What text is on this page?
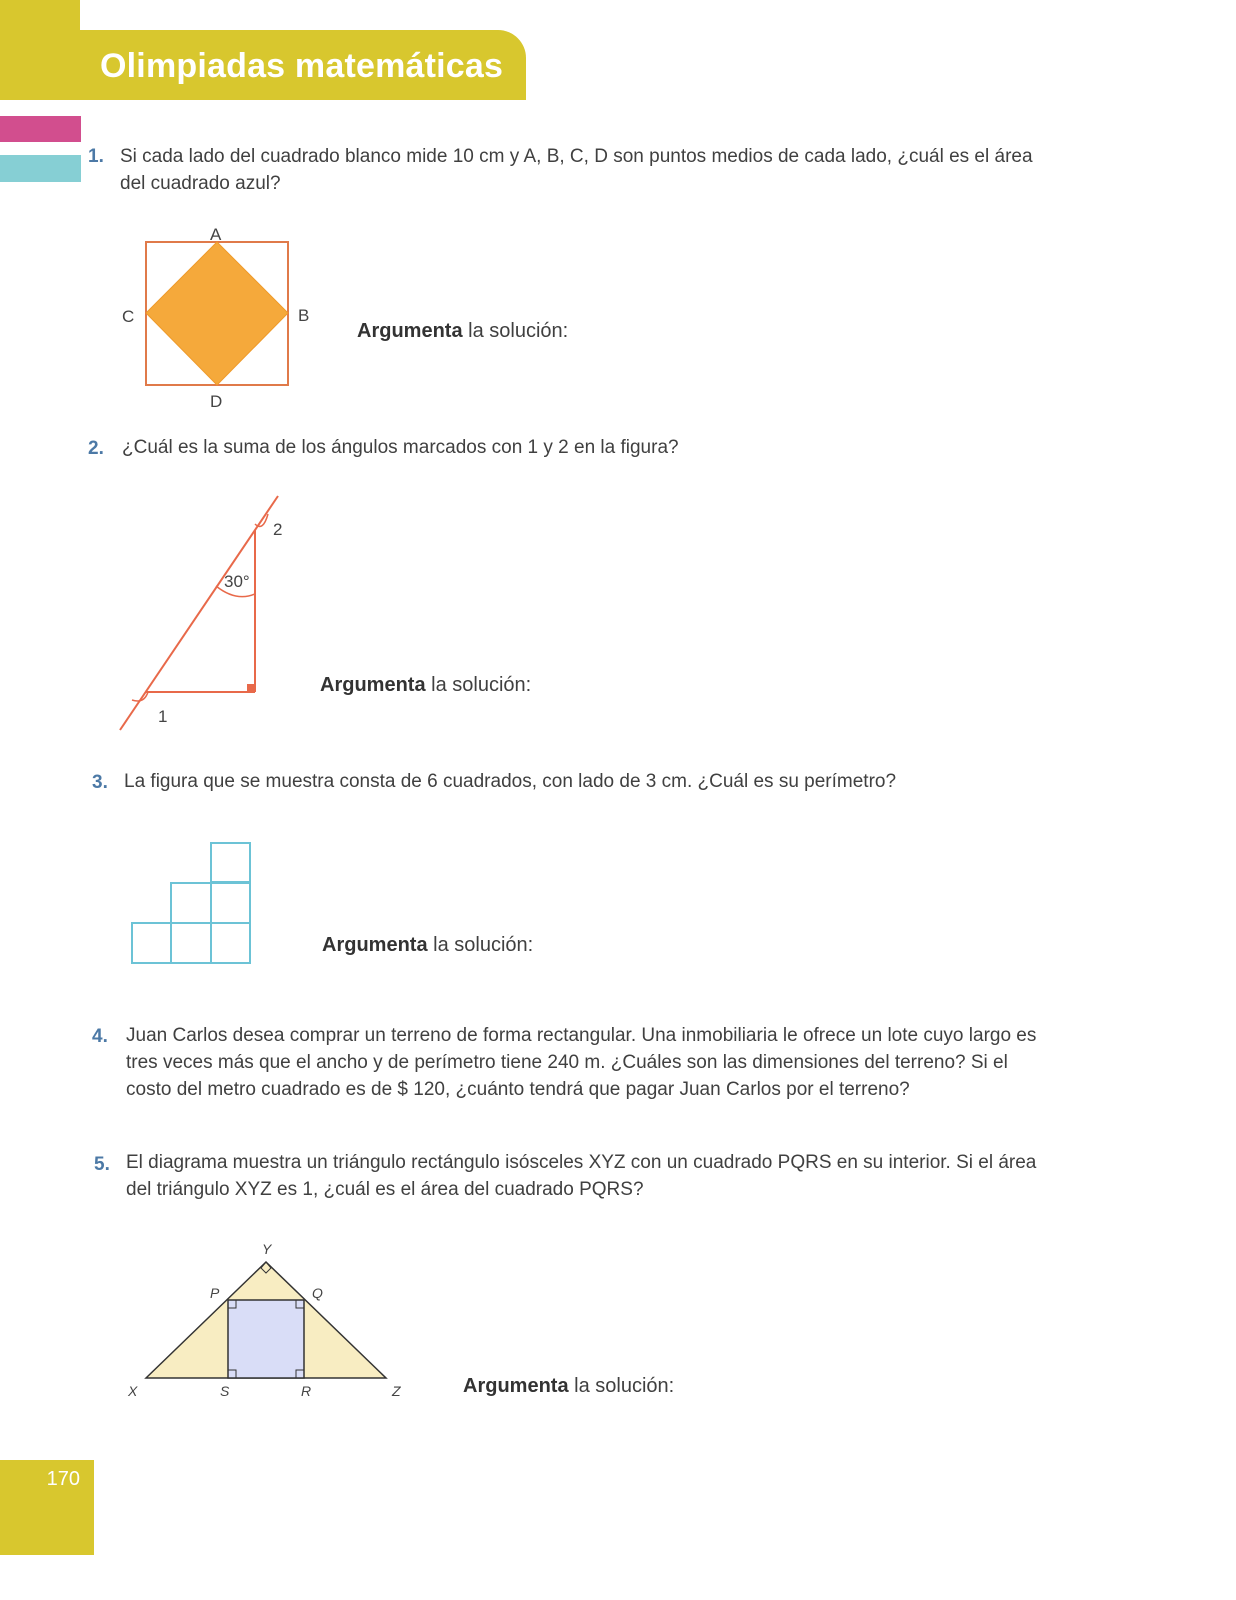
Olimpiadas matemáticas
1. Si cada lado del cuadrado blanco mide 10 cm y A, B, C, D son puntos medios de cada lado, ¿cuál es el área del cuadrado azul?
A
B
C
D
Argumenta la solución:
2. ¿Cuál es la suma de los ángulos marcados con 1 y 2 en la figura?
30°
2
1
Argumenta la solución:
3. La figura que se muestra consta de 6 cuadrados, con lado de 3 cm. ¿Cuál es su perímetro?
Argumenta la solución:
4. Juan Carlos desea comprar un terreno de forma rectangular. Una inmobiliaria le ofrece un lote cuyo largo es tres veces más que el ancho y de perímetro tiene 240 m. ¿Cuáles son las dimensiones del terreno? Si el costo del metro cuadrado es de $ 120, ¿cuánto tendrá que pagar Juan Carlos por el terreno?
5. El diagrama muestra un triángulo rectángulo isósceles XYZ con un cuadrado PQRS en su interior. Si el área del triángulo XYZ es 1, ¿cuál es el área del cuadrado PQRS?
X
Y
Z
P	Q
R
S	Argumenta la solución:
170
